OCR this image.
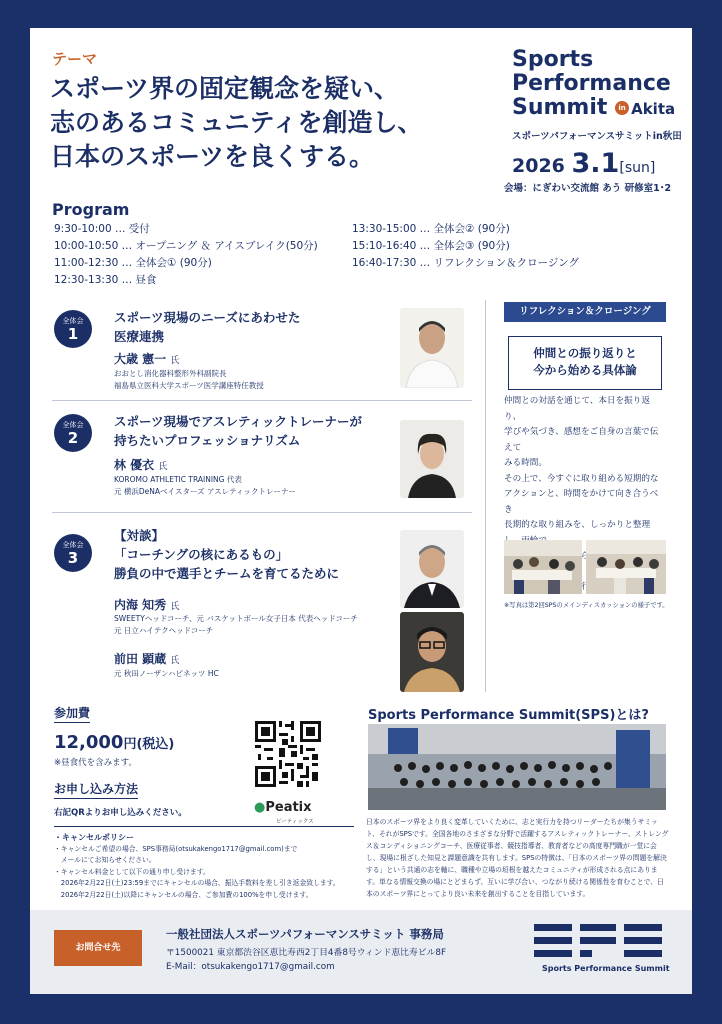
テーマ
スポーツ界の固定観念を疑い、
志のあるコミュニティを創造し、
日本のスポーツを良くする。
Sports
Performance
Summit in Akita
スポーツパフォーマンスサミットin秋田
2026 3.1[sun]
会場：にぎわい交流館 あう 研修室1･2
Program
9:30-10:00 … 受付
10:00-10:50 … オープニング ＆ アイスブレイク(50分)
11:00-12:30 … 全体会① (90分)
12:30-13:30 … 昼食
13:30-15:00 … 全体会② (90分)
15:10-16:40 … 全体会③ (90分)
16:40-17:30 … リフレクション＆クロージング
全体会
1
スポーツ現場のニーズにあわせた
医療連携
大歳 憲一 氏
おおとし消化器科整形外科副院長
福島県立医科大学スポーツ医学講座特任教授
全体会
2
スポーツ現場でアスレティックトレーナーが
持ちたいプロフェッショナリズム
林 優衣 氏
KOROMO ATHLETIC TRAINING 代表
元 横浜DeNAベイスターズ アスレティックトレーナー
全体会
3
【対談】
「コーチングの核にあるもの」
勝負の中で選手とチームを育てるために
内海 知秀 氏
SWEETYヘッドコーチ、元 バスケットボール女子日本 代表ヘッドコーチ
元 日立ハイテクヘッドコーチ
前田 顕蔵 氏
元 秋田ノーザンハピネッツ HC
リフレクション＆クロージング
仲間との振り返りと
今から始める具体論
仲間との対話を通じて、本日を振り返り、
学びや気づき、感想をご自身の言葉で伝えて
みる時間。
その上で、今すぐに取り組める短期的な
アクションと、時間をかけて向き合うべき
長期的な取り組みを、しっかりと整理
※写真は第2回SPSのメインディスカッションの様子です。
参加費
12,000円(税込)
※昼食代を含みます。
お申し込み方法
右記QRよりお申し込みください。	●Peatix
ピーティックス
・キャンセルポリシー
・キャンセルご希望の場合、SPS事務局(otsukakengo1717@gmail.com)まで
　メールにてお知らせください。
・キャンセル料金として以下の通り申し受けます。
　2026年2月22日(土)23:59までにキャンセルの場合、振込手数料を差し引き返金致します。
　2026年2月22日(土)以降にキャンセルの場合、ご参加費の100%を申し受けます。
Sports Performance Summit(SPS)とは?
日本のスポーツ界をより良く変革していくために、志と実行力を持つリーダーたちが集うサミット、それがSPSです。全国各地のさまざまな分野で活躍するアスレティックトレーナー、ストレングス＆コンディショニングコーチ、医療従事者、競技指導者、教育者などの高度専門職が一堂に会し、現場に根ざした知見と課題意識を共有します。SPSの特徴は、「日本のスポーツ界の問題を解決する」という共通の志を軸に、職種や立場の垣根を越えたコミュニティが形成される点にあります。単なる情報交換の場にとどまらず、互いに学び合い、つながり続ける関係性を育むことで、日本のスポーツ界にとってより良い未来を創出することを目指しています。
お問合せ先
一般社団法人スポーツパフォーマンスサミット 事務局
〒1500021 東京都渋谷区恵比寿西2丁目4番8号ウィンド恵比寿ビル8F
E-Mail：otsukakengo1717@gmail.com
SPS
Sports Performance Summit
